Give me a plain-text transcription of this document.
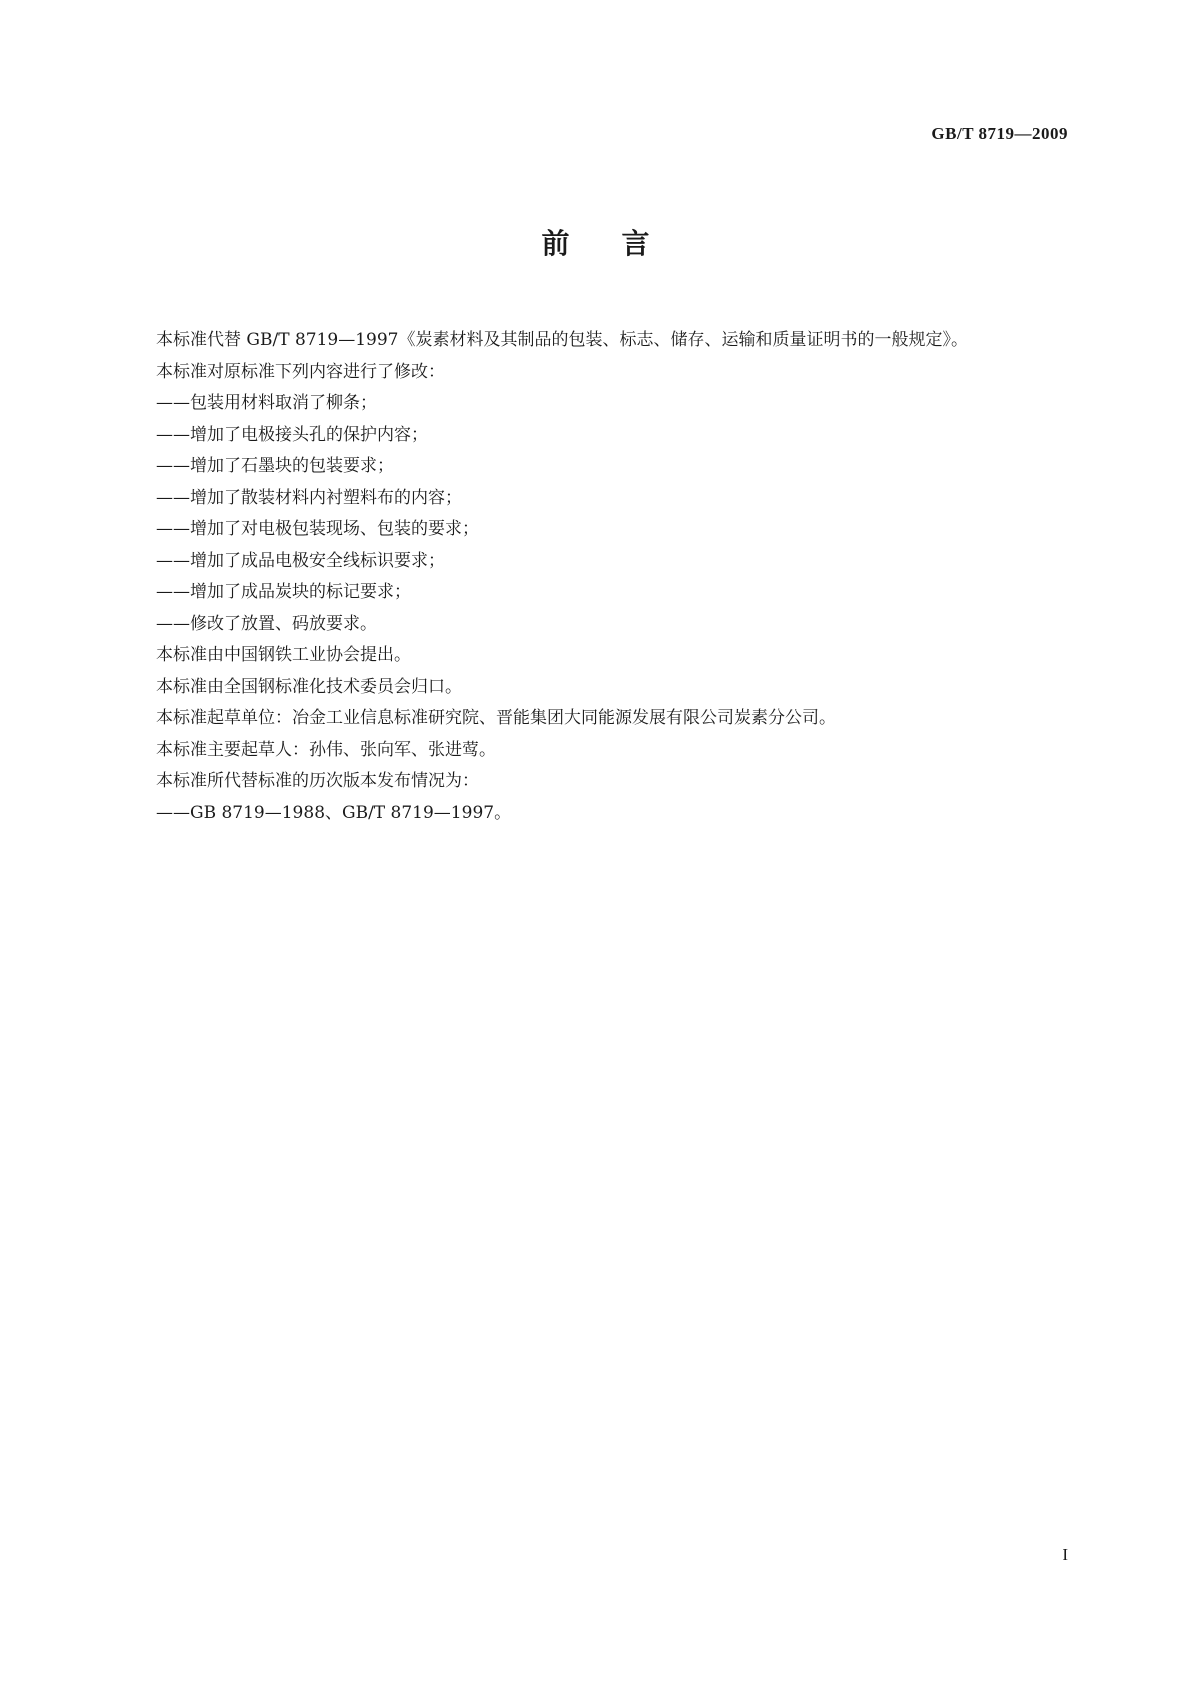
GB/T 8719—2009
前言

本标准代替 GB/T 8719—1997《炭素材料及其制品的包装、标志、储存、运输和质量证明书的一般规定》。

本标准对原标准下列内容进行了修改：

——包装用材料取消了柳条；

——增加了电极接头孔的保护内容；

——增加了石墨块的包装要求；

——增加了散装材料内衬塑料布的内容；

——增加了对电极包装现场、包装的要求；

——增加了成品电极安全线标识要求；

——增加了成品炭块的标记要求；

——修改了放置、码放要求。

本标准由中国钢铁工业协会提出。

本标准由全国钢标准化技术委员会归口。

本标准起草单位：冶金工业信息标准研究院、晋能集团大同能源发展有限公司炭素分公司。

本标准主要起草人：孙伟、张向军、张进莺。

本标准所代替标准的历次版本发布情况为：

——GB 8719—1988、GB/T 8719—1997。

I
